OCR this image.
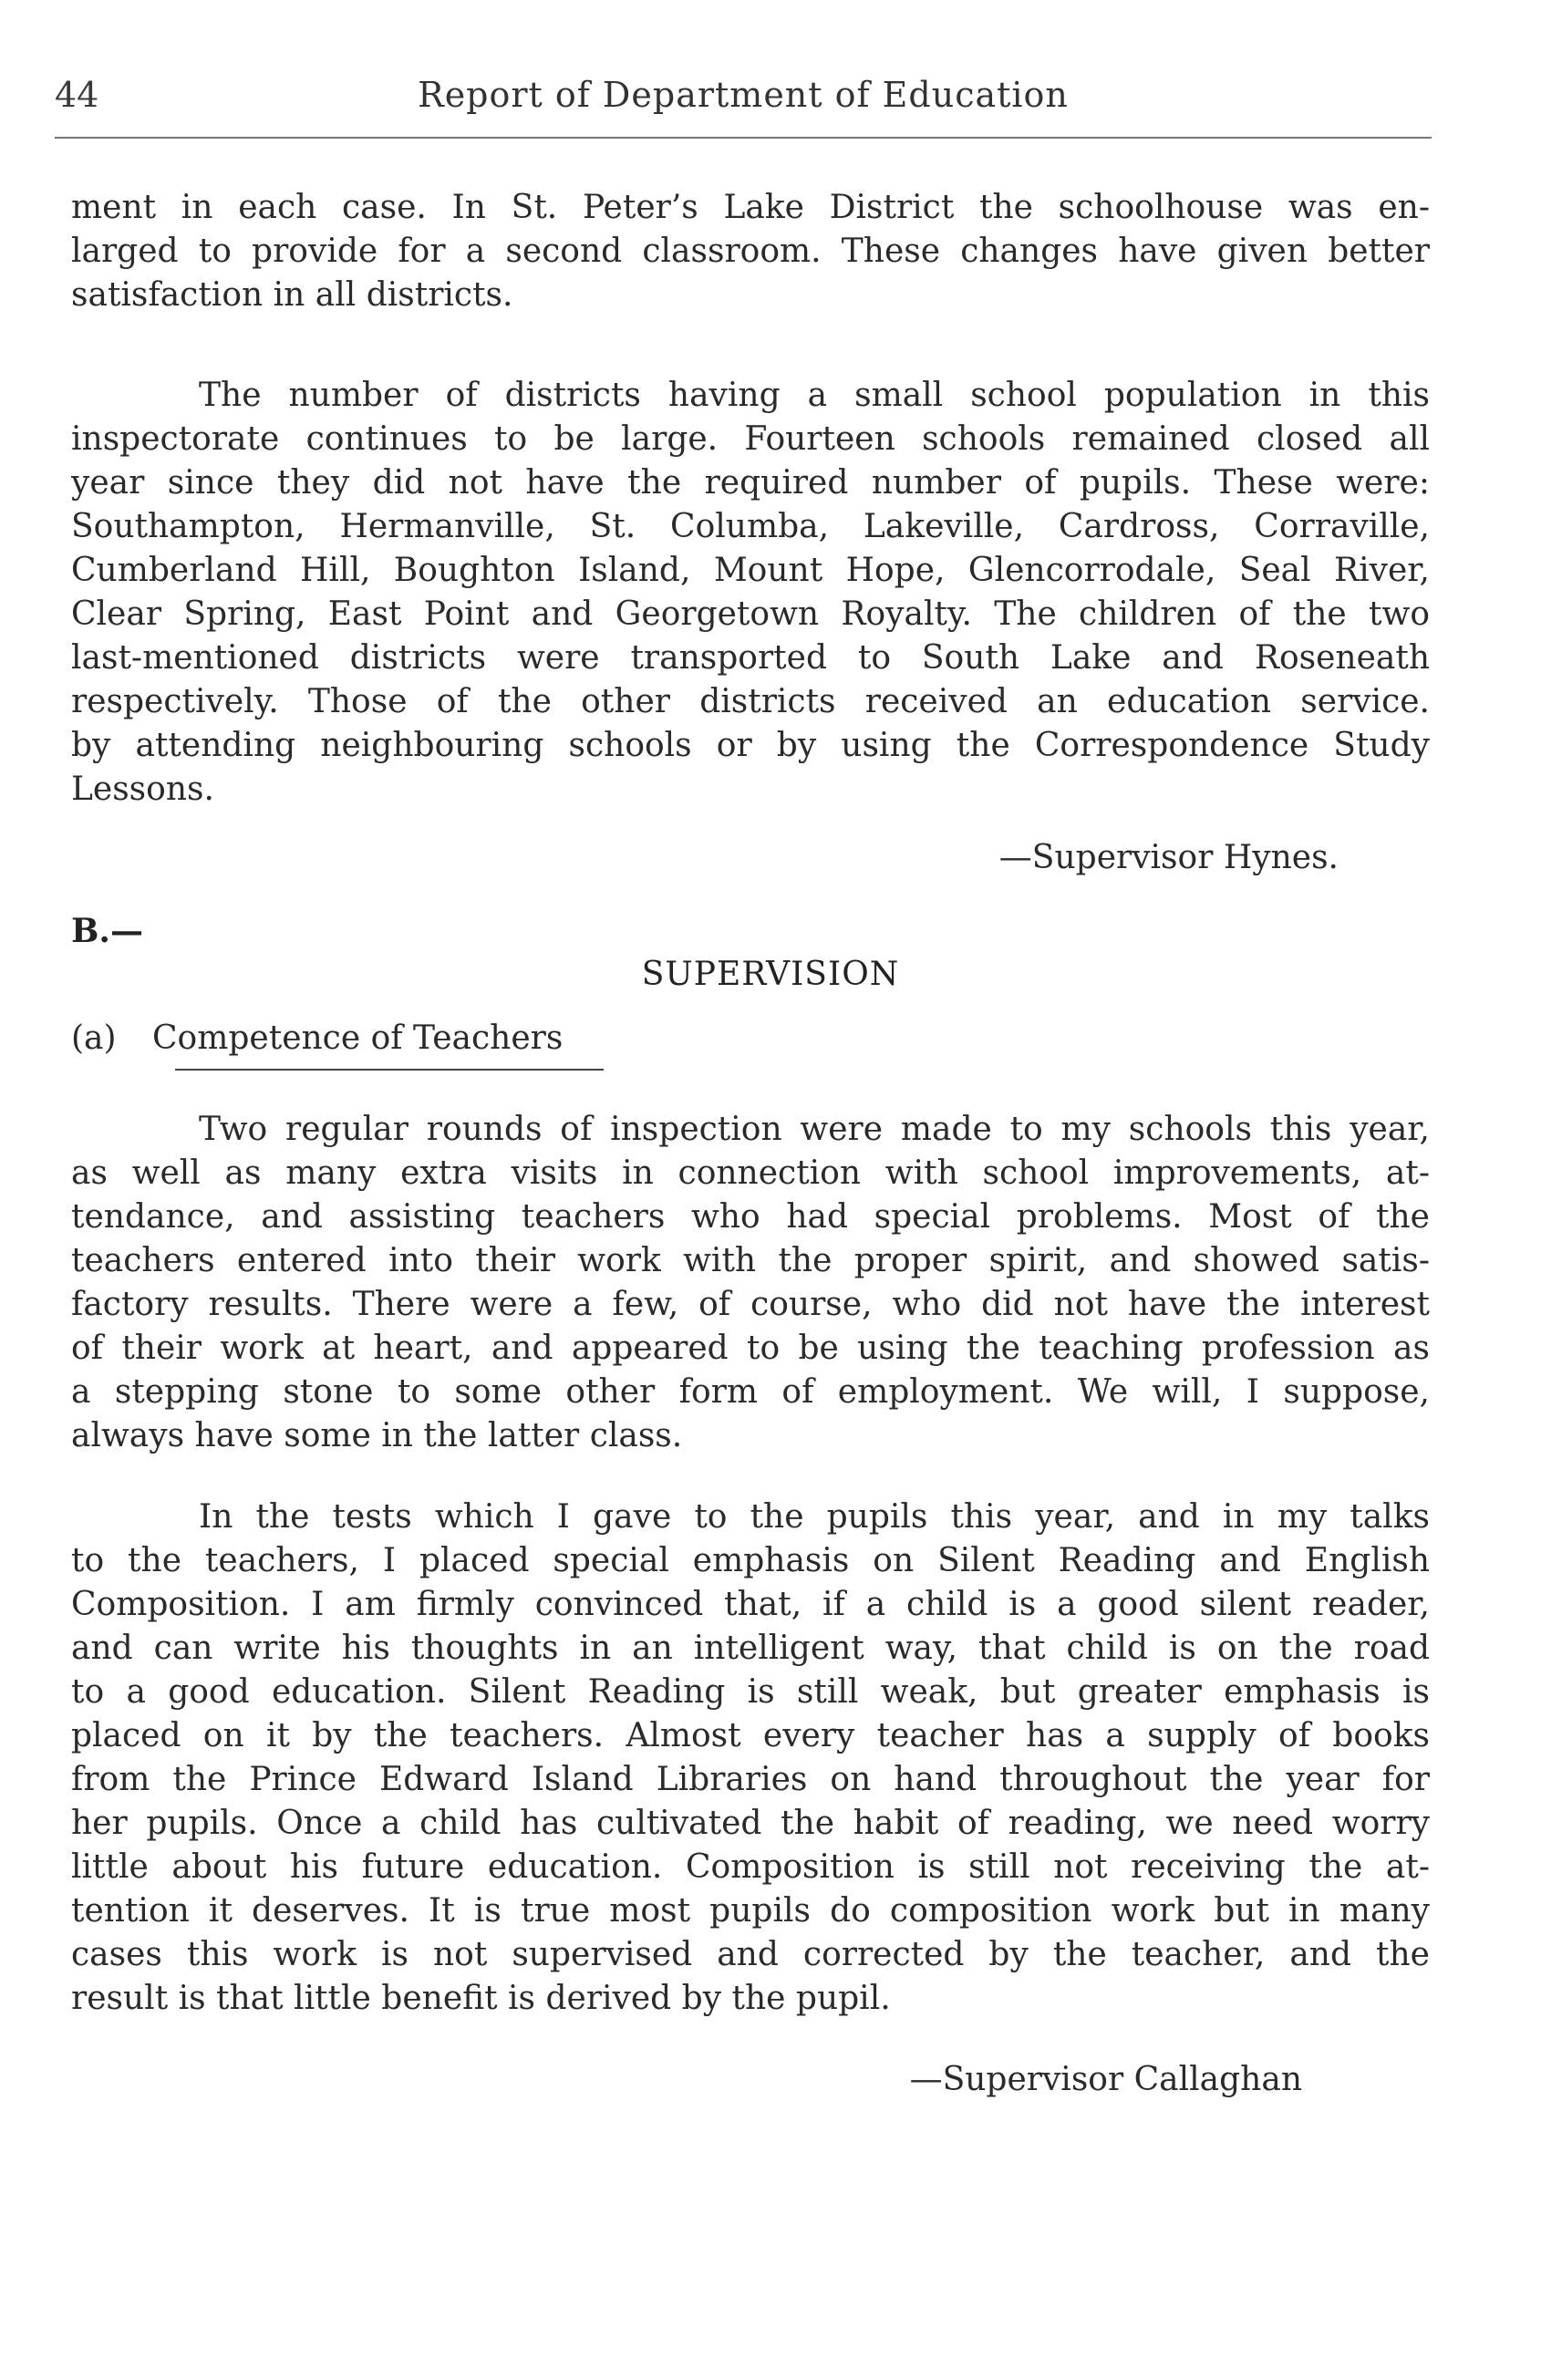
44	Report of Department of Education

ment in each case. In St. Peter’s Lake District the schoolhouse was en-
larged to provide for a second classroom. These changes have given better
satisfaction in all districts.

The number of districts having a small school population in this
inspectorate continues to be large. Fourteen schools remained closed all
year since they did not have the required number of pupils. These were:
Southampton, Hermanville, St. Columba, Lakeville, Cardross, Corraville,
Cumberland Hill, Boughton Island, Mount Hope, Glencorrodale, Seal River,
Clear Spring, East Point and Georgetown Royalty. The children of the two
last-mentioned districts were transported to South Lake and Roseneath
respectively. Those of the other districts received an education service.
by attending neighbouring schools or by using the Correspondence Study
Lessons.

—Supervisor Hynes.
B.—
SUPERVISION
(a) Competence of Teachers

Two regular rounds of inspection were made to my schools this year,
as well as many extra visits in connection with school improvements, at-
tendance, and assisting teachers who had special problems. Most of the
teachers entered into their work with the proper spirit, and showed satis-
factory results. There were a few, of course, who did not have the interest
of their work at heart, and appeared to be using the teaching profession as
a stepping stone to some other form of employment. We will, I suppose,
always have some in the latter class.

In the tests which I gave to the pupils this year, and in my talks
to the teachers, I placed special emphasis on Silent Reading and English
Composition. I am firmly convinced that, if a child is a good silent reader,
and can write his thoughts in an intelligent way, that child is on the road
to a good education. Silent Reading is still weak, but greater emphasis is
placed on it by the teachers. Almost every teacher has a supply of books
from the Prince Edward Island Libraries on hand throughout the year for
her pupils. Once a child has cultivated the habit of reading, we need worry
little about his future education. Composition is still not receiving the at-
tention it deserves. It is true most pupils do composition work but in many
cases this work is not supervised and corrected by the teacher, and the
result is that little benefit is derived by the pupil.

—Supervisor Callaghan
